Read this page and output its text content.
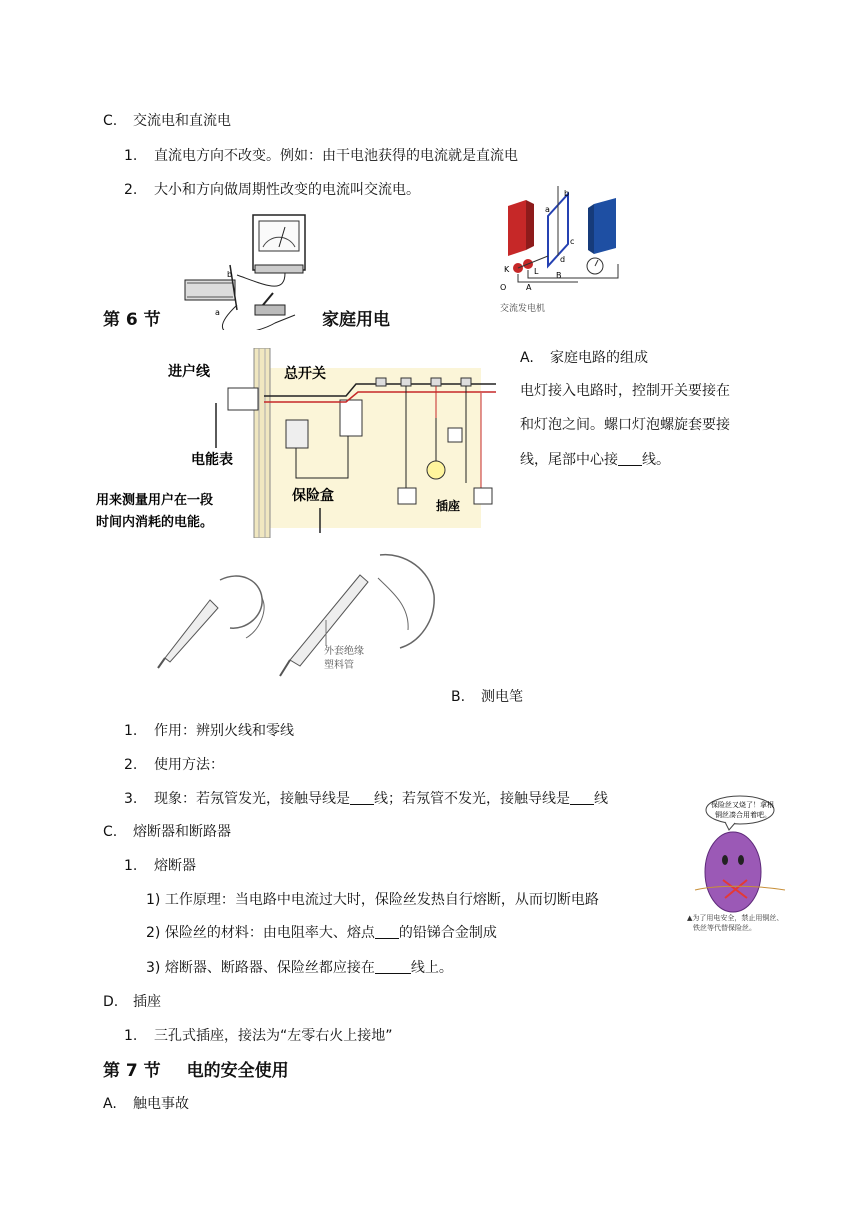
C. 交流电和直流电
1. 直流电方向不改变。例如：由干电池获得的电流就是直流电
2. 大小和方向做周期性改变的电流叫交流电。
b
a
a
b
c
d
K	L
O A
B
交流发电机
第 6 节	家庭用电
进户线	总开关
电能表
保险盒
插座
用来测量用户在一段
时间内消耗的电能。
A. 家庭电路的组成
电灯接入电路时，控制开关要接在
和灯泡之间。螺口灯泡螺旋套要接
线，尾部中心接 线。
外套绝缘
塑料管
B. 测电笔
1. 作用：辨别火线和零线
2. 使用方法：
3. 现象：若氖管发光，接触导线是 线；若氖管不发光，接触导线是 线
C. 熔断器和断路器
1. 熔断器
1) 工作原理：当电路中电流过大时，保险丝发热自行熔断，从而切断电路
2) 保险丝的材料：由电阻率大、熔点 的铅锑合金制成
3) 熔断器、断路器、保险丝都应接在	线上。
保险丝又烧了！拿根
铜丝凑合用着吧。
▲为了用电安全，禁止用铜丝、
铁丝等代替保险丝。
D. 插座
1. 三孔式插座，接法为“左零右火上接地”
第 7 节 电的安全使用
A. 触电事故
